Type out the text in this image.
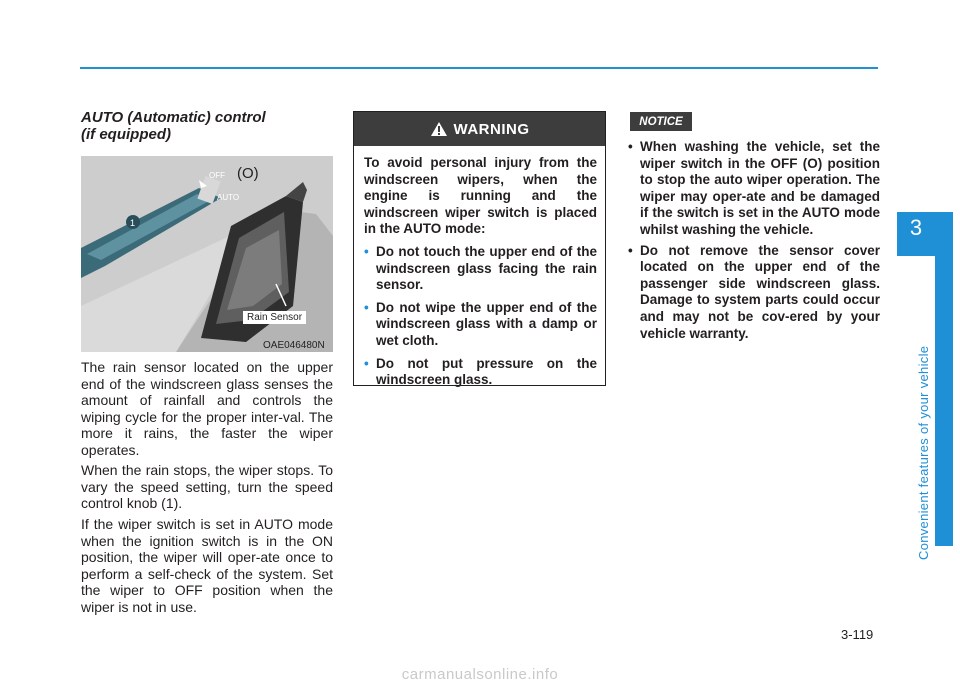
AUTO (Automatic) control
(if equipped)
1
OFF
AUTO
(O)
Rain Sensor
OAE046480N

The rain sensor located on the upper end of the windscreen glass senses the amount of rainfall and controls the wiping cycle for the proper inter-val. The more it rains, the faster the wiper operates.

When the rain stops, the wiper stops. To vary the speed setting, turn the speed control knob (1).

If the wiper switch is set in AUTO mode when the ignition switch is in the ON position, the wiper will oper-ate once to perform a self-check of the system. Set the wiper to OFF position when the wiper is not in use.

WARNING

To avoid personal injury from the windscreen wipers, when the engine is running and the windscreen wiper switch is placed in the AUTO mode:

• Do not touch the upper end of the windscreen glass facing the rain sensor.
• Do not wipe the upper end of the windscreen glass with a damp or wet cloth.
• Do not put pressure on the windscreen glass.
NOTICE
• When washing the vehicle, set the wiper switch in the OFF (O) position to stop the auto wiper operation. The wiper may oper-ate and be damaged if the switch is set in the AUTO mode whilst washing the vehicle.
• Do not remove the sensor cover located on the upper end of the passenger side windscreen glass. Damage to system parts could occur and may not be cov-ered by your vehicle warranty.
3
Convenient features of your vehicle
3-119
carmanualsonline.info
